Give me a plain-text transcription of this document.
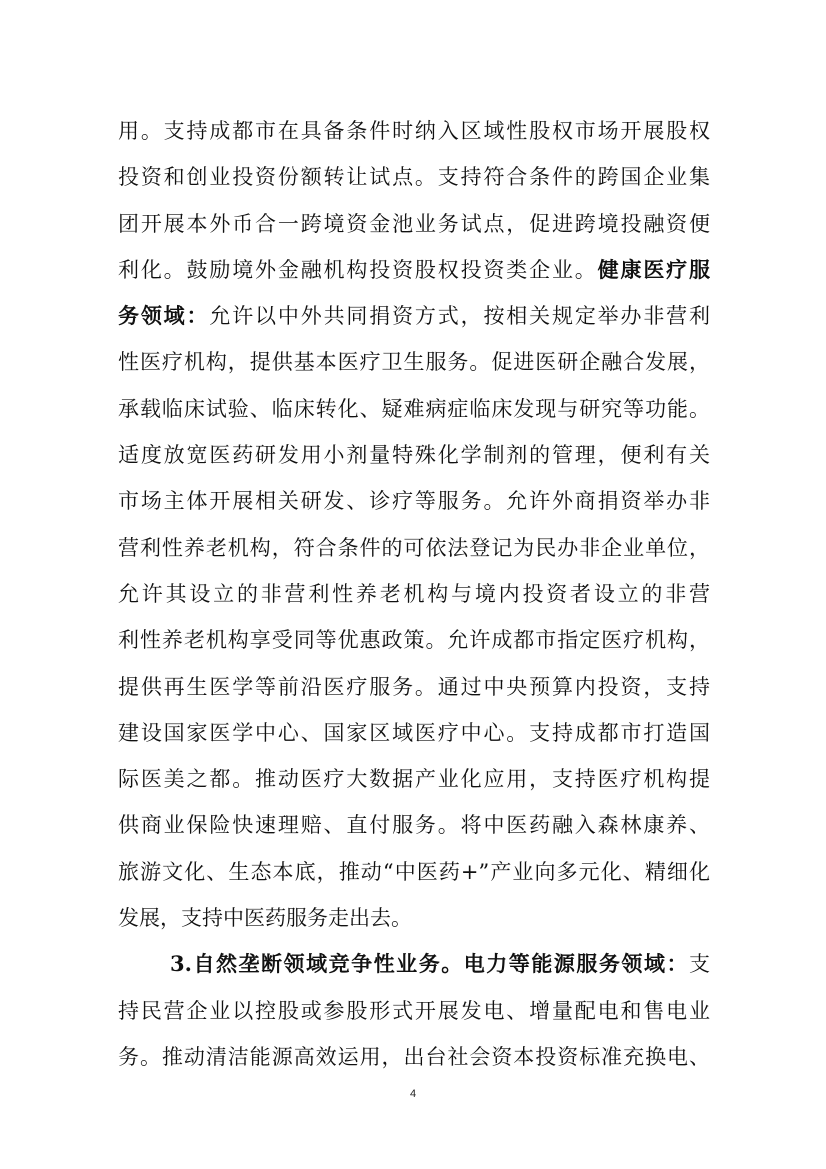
用。支持成都市在具备条件时纳入区域性股权市场开展股权
投资和创业投资份额转让试点。支持符合条件的跨国企业集
团开展本外币合一跨境资金池业务试点，促进跨境投融资便
利化。鼓励境外金融机构投资股权投资类企业。健康医疗服
务领域：允许以中外共同捐资方式，按相关规定举办非营利
性医疗机构，提供基本医疗卫生服务。促进医研企融合发展，
承载临床试验、临床转化、疑难病症临床发现与研究等功能。
适度放宽医药研发用小剂量特殊化学制剂的管理，便利有关
市场主体开展相关研发、诊疗等服务。允许外商捐资举办非
营利性养老机构，符合条件的可依法登记为民办非企业单位，
允许其设立的非营利性养老机构与境内投资者设立的非营
利性养老机构享受同等优惠政策。允许成都市指定医疗机构，
提供再生医学等前沿医疗服务。通过中央预算内投资，支持
建设国家医学中心、国家区域医疗中心。支持成都市打造国
际医美之都。推动医疗大数据产业化应用，支持医疗机构提
供商业保险快速理赔、直付服务。将中医药融入森林康养、
旅游文化、生态本底，推动“中医药+”产业向多元化、精细化
发展，支持中医药服务走出去。
3.自然垄断领域竞争性业务。电力等能源服务领域：支
持民营企业以控股或参股形式开展发电、增量配电和售电业
务。推动清洁能源高效运用，出台社会资本投资标准充换电、
4
